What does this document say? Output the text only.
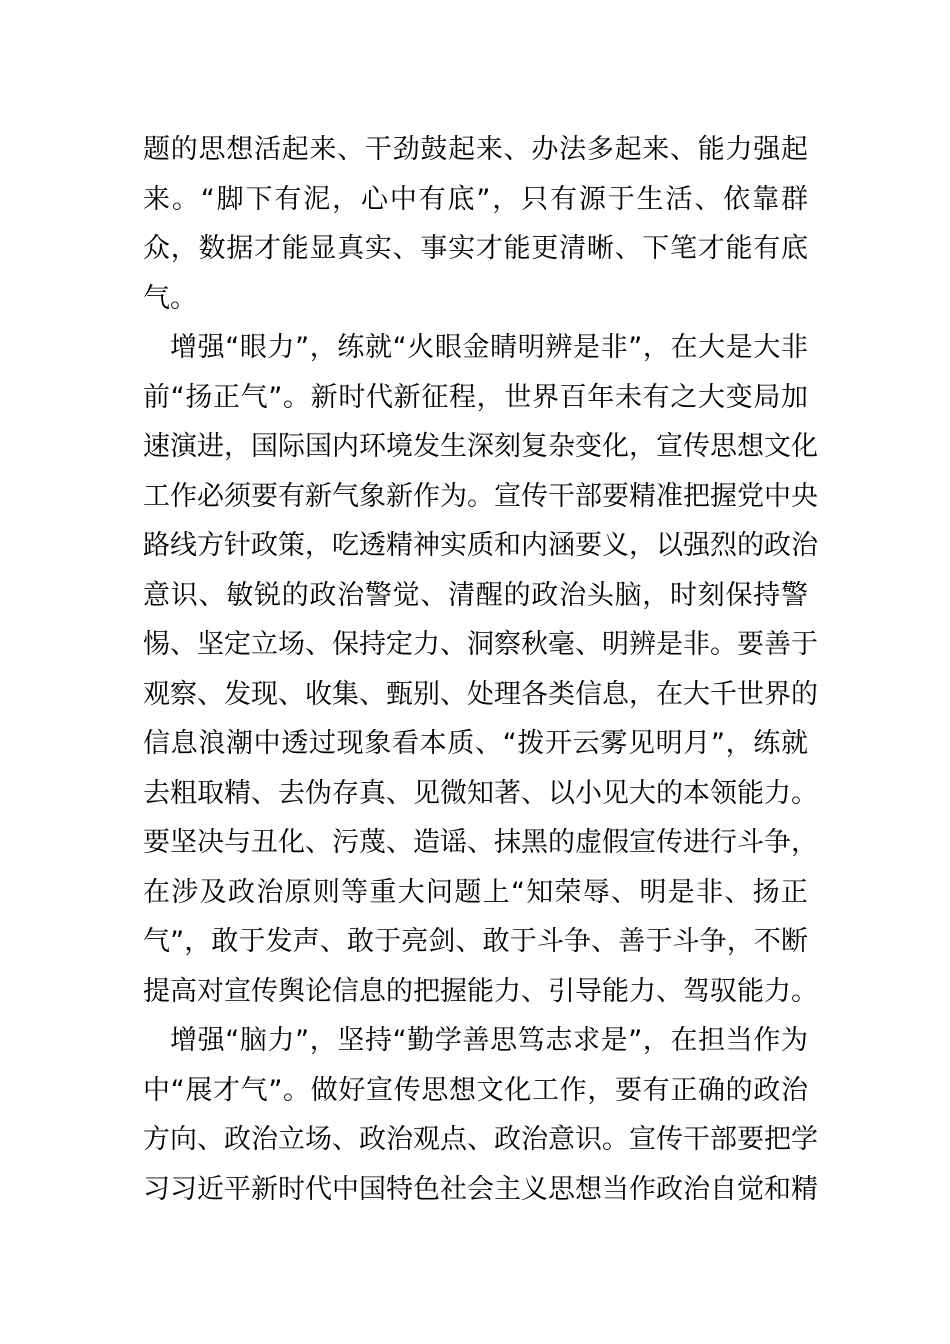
题的思想活起来、干劲鼓起来、办法多起来、能力强起
来。“脚下有泥，心中有底”，只有源于生活、依靠群
众，数据才能显真实、事实才能更清晰、下笔才能有底
气。
增强“眼力”，练就“火眼金睛明辨是非”，在大是大非
前“扬正气”。新时代新征程，世界百年未有之大变局加
速演进，国际国内环境发生深刻复杂变化，宣传思想文化
工作必须要有新气象新作为。宣传干部要精准把握党中央
路线方针政策，吃透精神实质和内涵要义，以强烈的政治
意识、敏锐的政治警觉、清醒的政治头脑，时刻保持警
惕、坚定立场、保持定力、洞察秋毫、明辨是非。要善于
观察、发现、收集、甄别、处理各类信息，在大千世界的
信息浪潮中透过现象看本质、“拨开云雾见明月”，练就
去粗取精、去伪存真、见微知著、以小见大的本领能力。
要坚决与丑化、污蔑、造谣、抹黑的虚假宣传进行斗争，
在涉及政治原则等重大问题上“知荣辱、明是非、扬正
气”，敢于发声、敢于亮剑、敢于斗争、善于斗争，不断
提高对宣传舆论信息的把握能力、引导能力、驾驭能力。
增强“脑力”，坚持“勤学善思笃志求是”，在担当作为
中“展才气”。做好宣传思想文化工作，要有正确的政治
方向、政治立场、政治观点、政治意识。宣传干部要把学
习习近平新时代中国特色社会主义思想当作政治自觉和精
